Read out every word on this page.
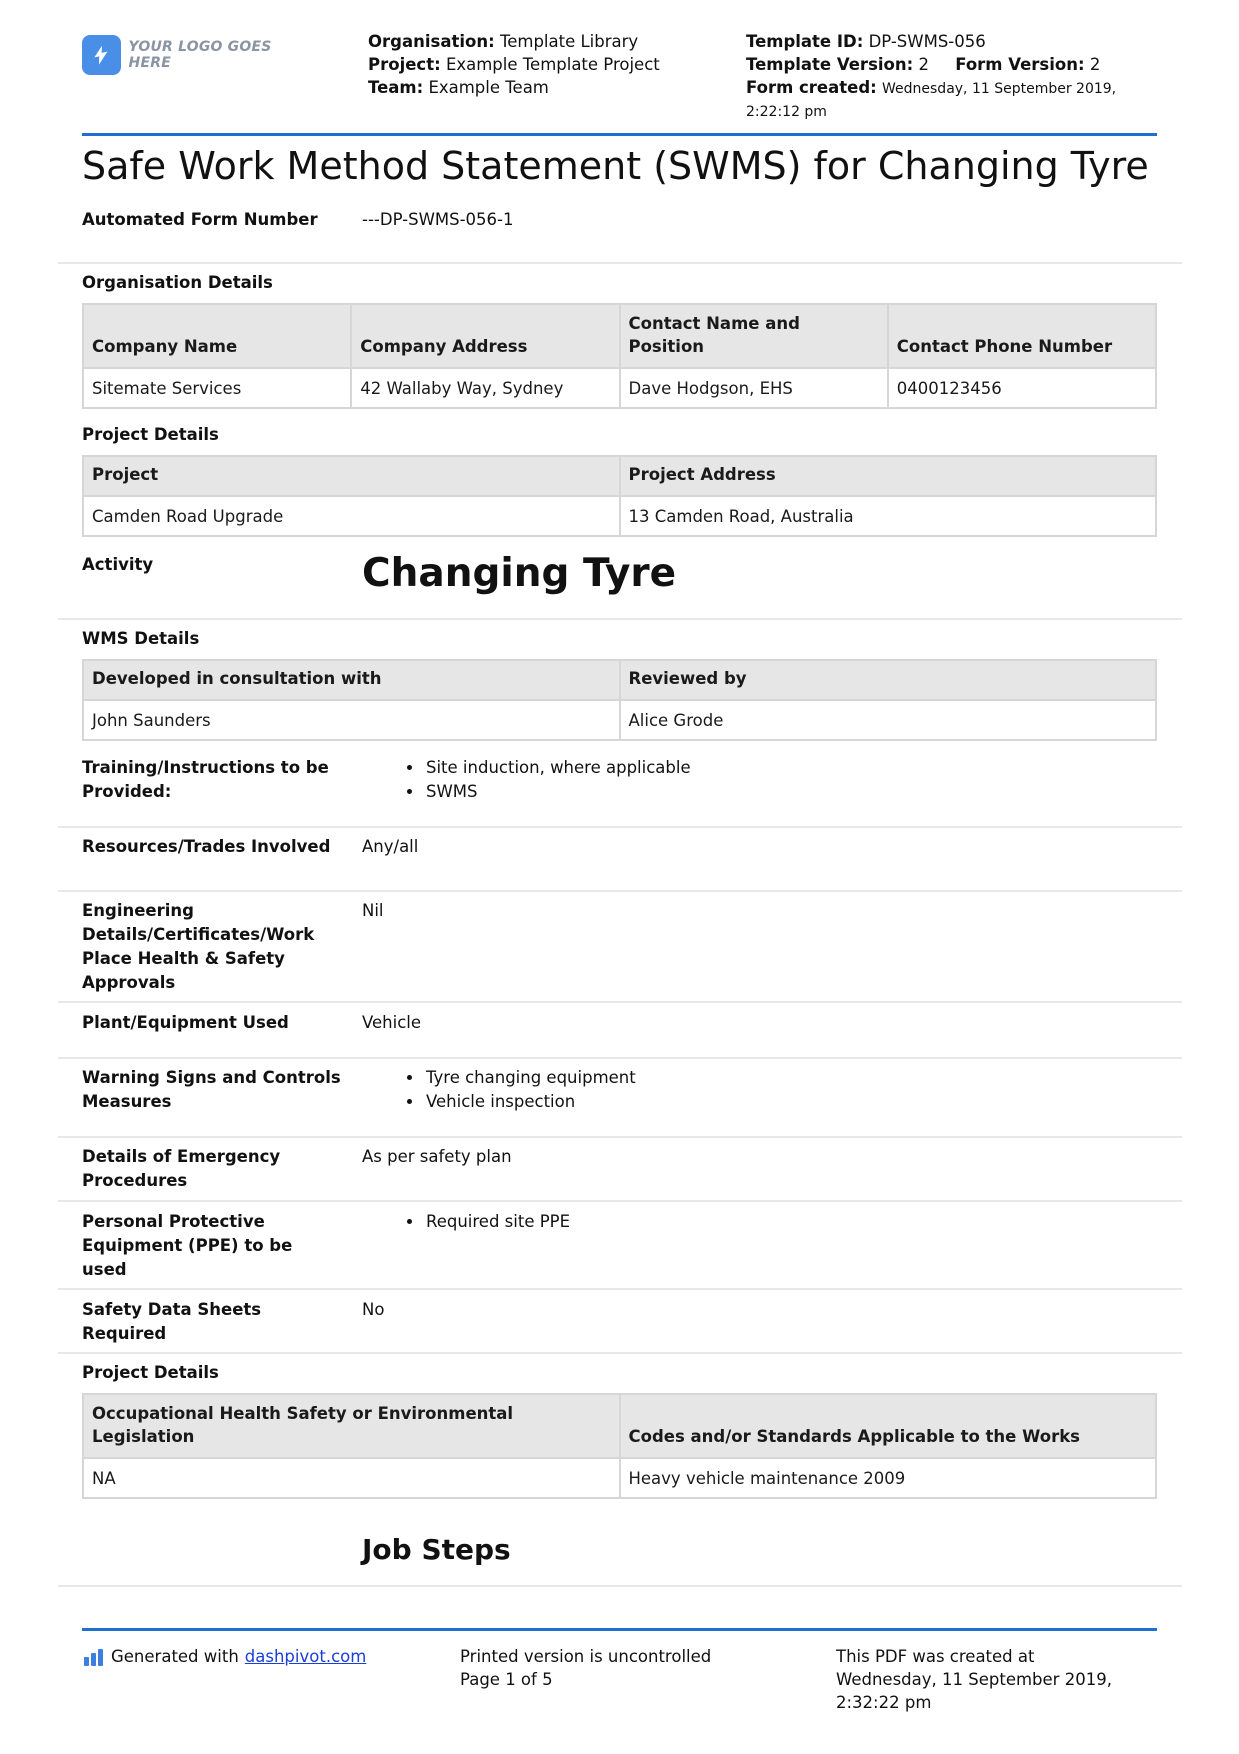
YOUR LOGO GOES HERE
Organisation: Template Library
Project: Example Template Project
Team: Example Team
Template ID: DP-SWMS-056
Template Version: 2 Form Version: 2
Form created: Wednesday, 11 September 2019,
2:22:12 pm
Safe Work Method Statement (SWMS) for Changing Tyre
Automated Form Number	---DP-SWMS-056-1
Organisation Details
Company Name	Company Address	Contact Name and Position	Contact Phone Number
Sitemate Services	42 Wallaby Way, Sydney	Dave Hodgson, EHS	0400123456
Project Details
Project	Project Address
Camden Road Upgrade	13 Camden Road, Australia
Activity	Changing Tyre
WMS Details
Developed in consultation with	Reviewed by
John Saunders	Alice Grode
Training/Instructions to be Provided:
• Site induction, where applicable
• SWMS
Resources/Trades Involved	Any/all
Engineering Details/Certificates/Work Place Health & Safety Approvals
Nil
Plant/Equipment Used	Vehicle
Warning Signs and Controls Measures
• Tyre changing equipment
• Vehicle inspection
Details of Emergency Procedures
As per safety plan
Personal Protective Equipment (PPE) to be used
• Required site PPE
Safety Data Sheets Required
No
Project Details
Occupational Health Safety or Environmental Legislation	Codes and/or Standards Applicable to the Works
NA	Heavy vehicle maintenance 2009
Job Steps
Generated with dashpivot.com	Printed version is uncontrolled
Page 1 of 5
This PDF was created at
Wednesday, 11 September 2019,
2:32:22 pm
